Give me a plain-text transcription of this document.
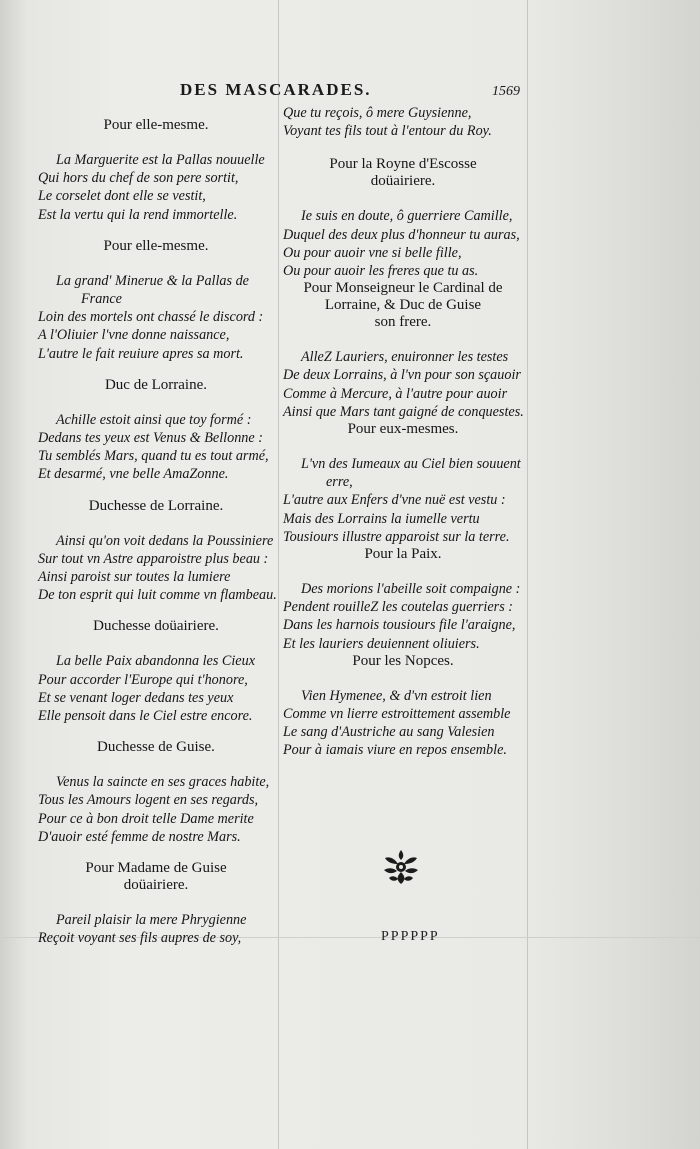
DES MASCARADES.	1569
Pour elle-mesme.
La Marguerite est la Pallas nouuelle
Qui hors du chef de son pere sortit,
Le corselet dont elle se vestit,
Est la vertu qui la rend immortelle.
Pour elle-mesme.
La grand' Minerue & la Pallas de
France
Loin des mortels ont chassé le discord :
A l'Oliuier l'vne donne naissance,
L'autre le fait reuiure apres sa mort.
Duc de Lorraine.
Achille estoit ainsi que toy formé :
Dedans tes yeux est Venus & Bellonne :
Tu semblés Mars, quand tu es tout armé,
Et desarmé, vne belle AmaZonne.
Duchesse de Lorraine.
Ainsi qu'on voit dedans la Poussiniere
Sur tout vn Astre apparoistre plus beau :
Ainsi paroist sur toutes la lumiere
De ton esprit qui luit comme vn flambeau.
Duchesse doüairiere.
La belle Paix abandonna les Cieux
Pour accorder l'Europe qui t'honore,
Et se venant loger dedans tes yeux
Elle pensoit dans le Ciel estre encore.
Duchesse de Guise.
Venus la saincte en ses graces habite,
Tous les Amours logent en ses regards,
Pour ce à bon droit telle Dame merite
D'auoir esté femme de nostre Mars.
Pour Madame de Guise
doüairiere.
Pareil plaisir la mere Phrygienne
Reçoit voyant ses fils aupres de soy,
Que tu reçois, ô mere Guysienne,
Voyant tes fils tout à l'entour du Roy.
Pour la Royne d'Escosse
doüairiere.
Ie suis en doute, ô guerriere Camille,
Duquel des deux plus d'honneur tu auras,
Ou pour auoir vne si belle fille,
Ou pour auoir les freres que tu as.
Pour Monseigneur le Cardinal de
Lorraine, & Duc de Guise
son frere.
AlleZ Lauriers, enuironner les testes
De deux Lorrains, à l'vn pour son sçauoir
Comme à Mercure, à l'autre pour auoir
Ainsi que Mars tant gaigné de conquestes.
Pour eux-mesmes.
L'vn des Iumeaux au Ciel bien souuent
erre,
L'autre aux Enfers d'vne nuë est vestu :
Mais des Lorrains la iumelle vertu
Tousiours illustre apparoist sur la terre.
Pour la Paix.
Des morions l'abeille soit compaigne :
Pendent rouilleZ les coutelas guerriers :
Dans les harnois tousiours file l'araigne,
Et les lauriers deuiennent oliuiers.
Pour les Nopces.
Vien Hymenee, & d'vn estroit lien
Comme vn lierre estroittement assemble
Le sang d'Austriche au sang Valesien
Pour à iamais viure en repos ensemble.
PPPPPP
